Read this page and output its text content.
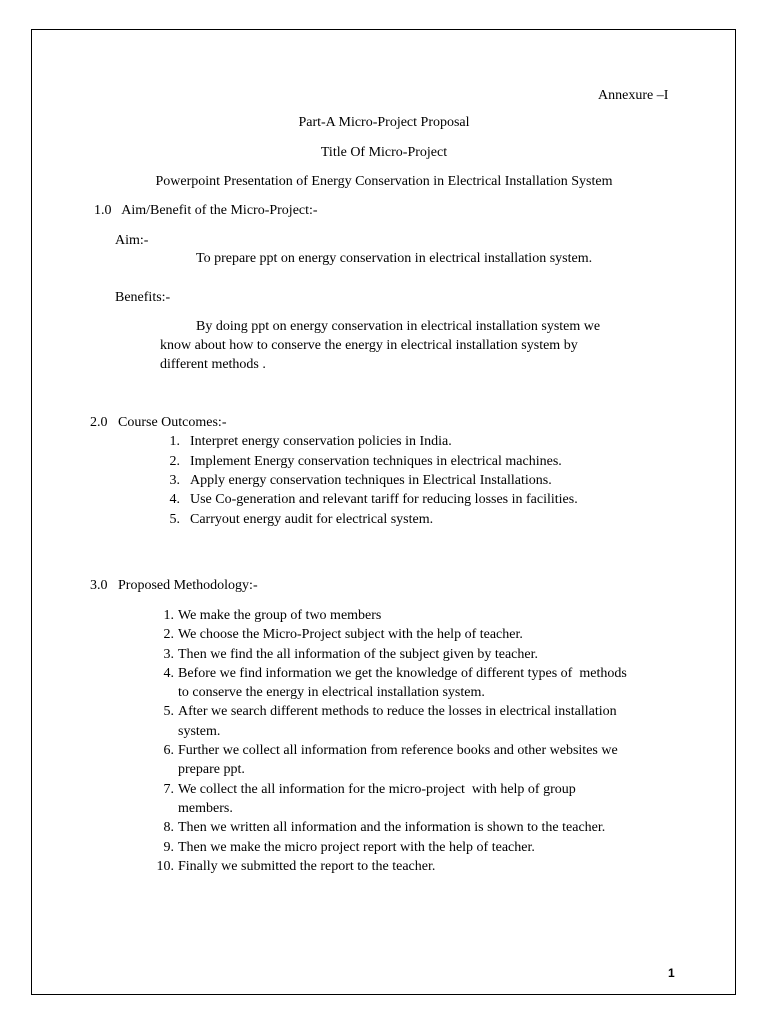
Annexure –I
Part-A Micro-Project Proposal
Title Of Micro-Project
Powerpoint Presentation of Energy Conservation in Electrical Installation System
1.0   Aim/Benefit of the Micro-Project:-
Aim:-
To prepare ppt on energy conservation in electrical installation system.
Benefits:-
By doing ppt on energy conservation in electrical installation system we
know about how to conserve the energy in electrical installation system by
different methods .
2.0   Course Outcomes:-
1. Interpret energy conservation policies in India.
2. Implement Energy conservation techniques in electrical machines.
3. Apply energy conservation techniques in Electrical Installations.
4. Use Co-generation and relevant tariff for reducing losses in facilities.
5. Carryout energy audit for electrical system.
3.0   Proposed Methodology:-
1. We make the group of two members
2. We choose the Micro-Project subject with the help of teacher.
3. Then we find the all information of the subject given by teacher.
4. Before we find information we get the knowledge of different types of  methods
to conserve the energy in electrical installation system.
5. After we search different methods to reduce the losses in electrical installation
system.
6. Further we collect all information from reference books and other websites we
prepare ppt.
7. We collect the all information for the micro-project  with help of group
members.
8. Then we written all information and the information is shown to the teacher.
9. Then we make the micro project report with the help of teacher.
10. Finally we submitted the report to the teacher.
1
